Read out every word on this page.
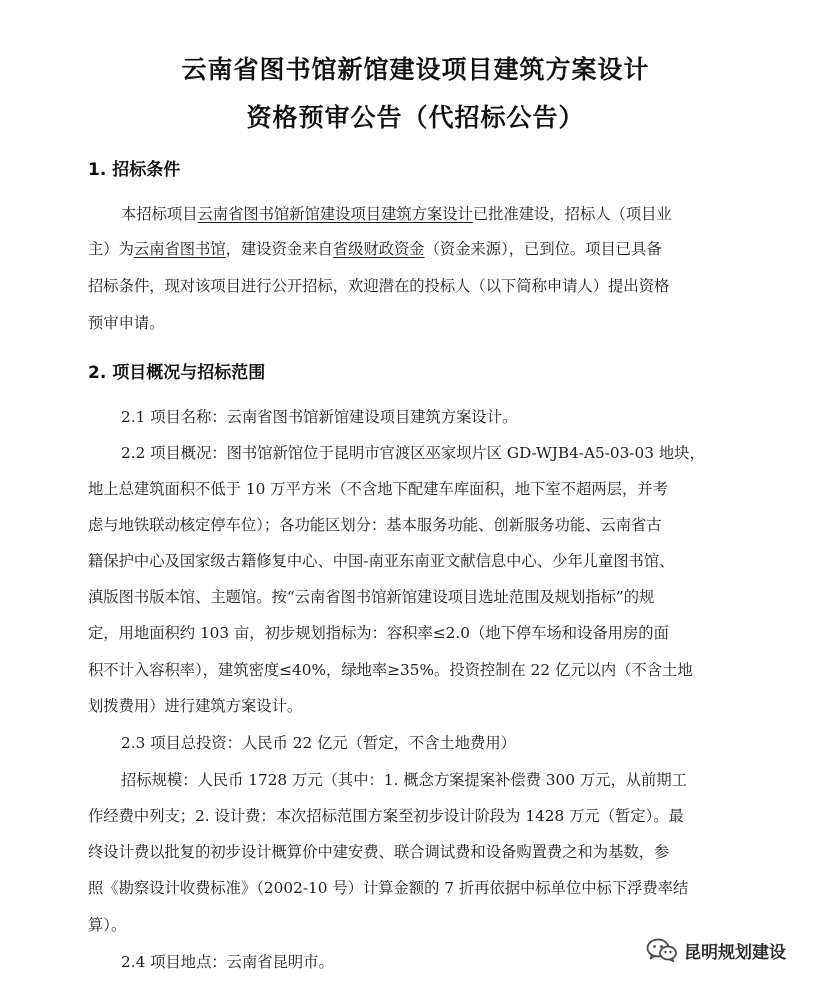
云南省图书馆新馆建设项目建筑方案设计
资格预审公告（代招标公告）
1. 招标条件
本招标项目云南省图书馆新馆建设项目建筑方案设计已批准建设，招标人（项目业
主）为云南省图书馆，建设资金来自省级财政资金（资金来源），已到位。项目已具备
招标条件，现对该项目进行公开招标，欢迎潜在的投标人（以下简称申请人）提出资格
预审申请。
2. 项目概况与招标范围
2.1 项目名称：云南省图书馆新馆建设项目建筑方案设计。
2.2 项目概况：图书馆新馆位于昆明市官渡区巫家坝片区 GD-WJB4-A5-03-03 地块，
地上总建筑面积不低于 10 万平方米（不含地下配建车库面积，地下室不超两层，并考
虑与地铁联动核定停车位）；各功能区划分：基本服务功能、创新服务功能、云南省古
籍保护中心及国家级古籍修复中心、中国-南亚东南亚文献信息中心、少年儿童图书馆、
滇版图书版本馆、主题馆。按“云南省图书馆新馆建设项目选址范围及规划指标”的规
定，用地面积约 103 亩，初步规划指标为：容积率≤2.0（地下停车场和设备用房的面
积不计入容积率），建筑密度≤40%，绿地率≥35%。投资控制在 22 亿元以内（不含土地
划拨费用）进行建筑方案设计。
2.3 项目总投资：人民币 22 亿元（暂定，不含土地费用）
招标规模：人民币 1728 万元（其中：1. 概念方案提案补偿费 300 万元，从前期工
作经费中列支；2. 设计费：本次招标范围方案至初步设计阶段为 1428 万元（暂定）。最
终设计费以批复的初步设计概算价中建安费、联合调试费和设备购置费之和为基数，参
照《勘察设计收费标准》（2002-10 号）计算金额的 7 折再依据中标单位中标下浮费率结
算）。
2.4 项目地点：云南省昆明市。	昆明规划建设
